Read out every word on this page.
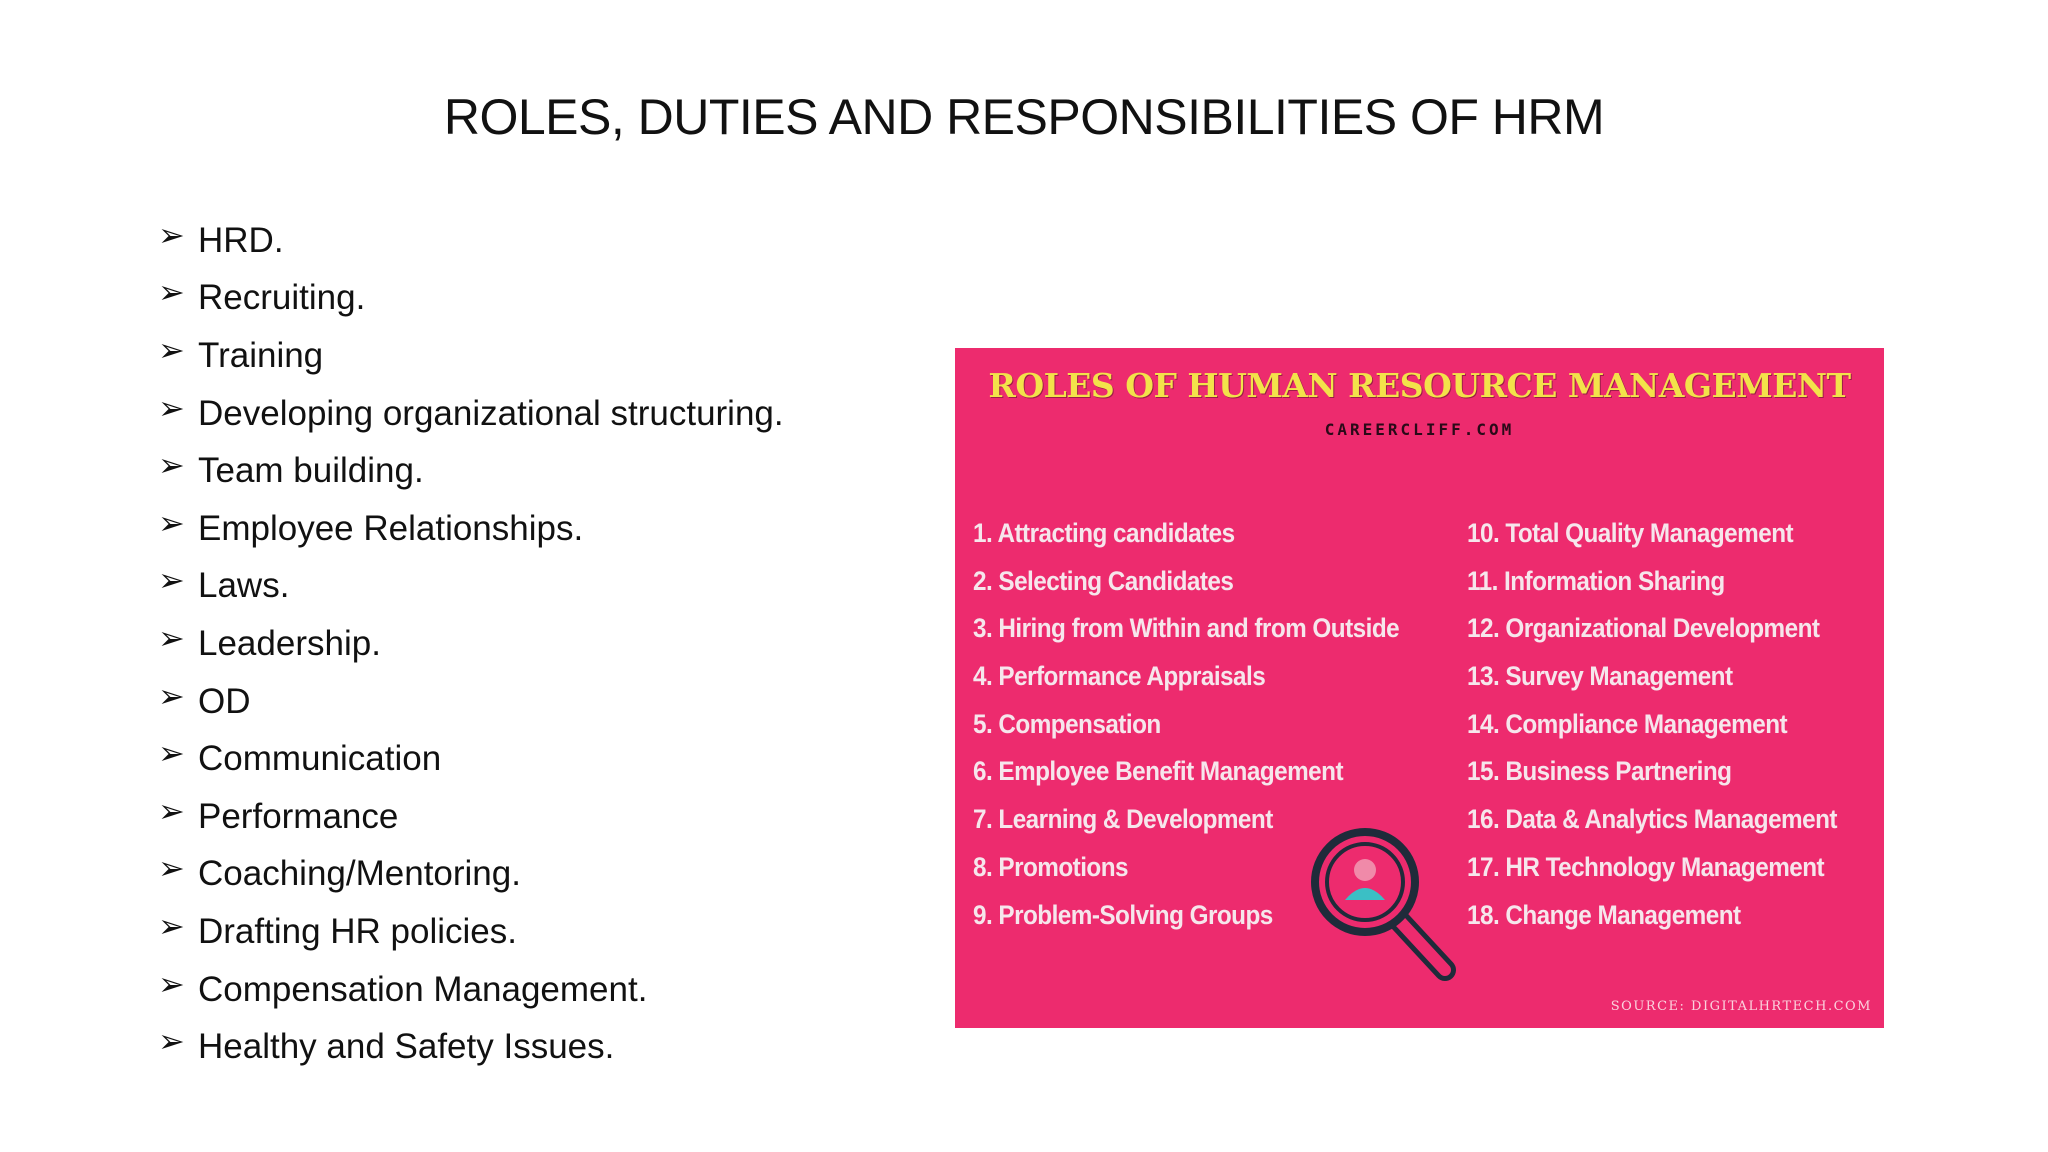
ROLES, DUTIES AND RESPONSIBILITIES OF HRM
➢ HRD.
➢ Recruiting.
➢ Training
➢ Developing organizational structuring.
➢ Team building.
➢ Employee Relationships.
➢ Laws.
➢ Leadership.
➢ OD
➢ Communication
➢ Performance
➢ Coaching/Mentoring.
➢ Drafting HR policies.
➢ Compensation Management.
➢ Healthy and Safety Issues.
ROLES OF HUMAN RESOURCE MANAGEMENT
CAREERCLIFF.COM
1. Attracting candidates
2. Selecting Candidates
3. Hiring from Within and from Outside
4. Performance Appraisals
5. Compensation
6. Employee Benefit Management
7. Learning & Development
8. Promotions
9. Problem-Solving Groups
10. Total Quality Management
11. Information Sharing
12. Organizational Development
13. Survey Management
14. Compliance Management
15. Business Partnering
16. Data & Analytics Management
17. HR Technology Management
18. Change Management
SOURCE: DIGITALHRTECH.COM
